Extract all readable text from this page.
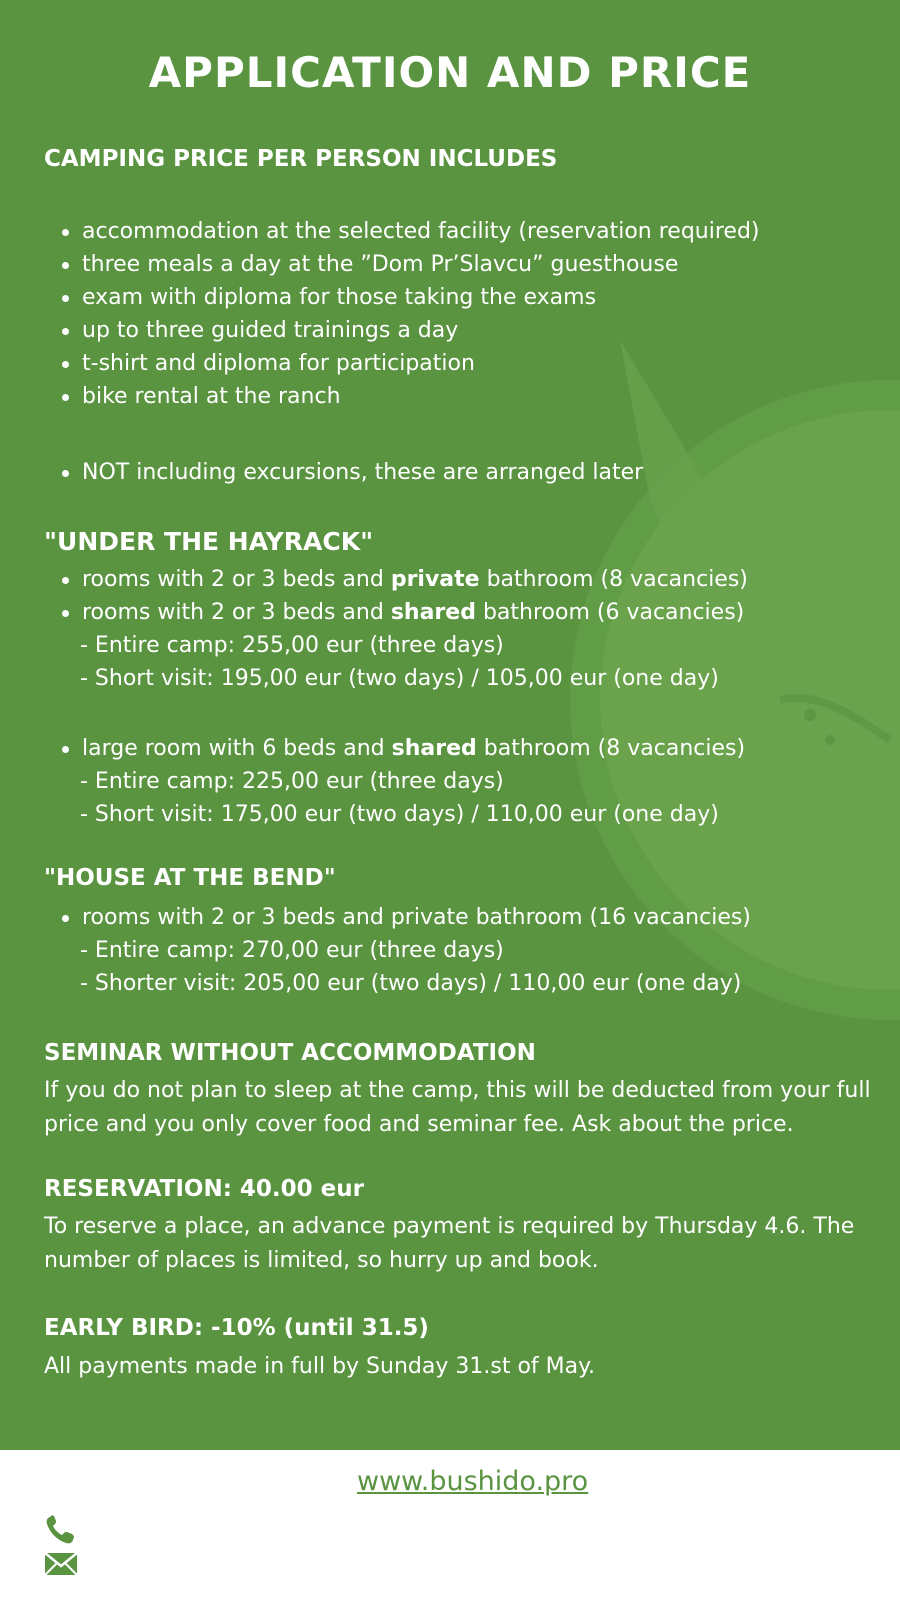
APPLICATION AND PRICE
CAMPING PRICE PER PERSON INCLUDES
accommodation at the selected facility (reservation required)
three meals a day at the ”Dom Pr’Slavcu” guesthouse
exam with diploma for those taking the exams
up to three guided trainings a day
t-shirt and diploma for participation
bike rental at the ranch
NOT including excursions, these are arranged later
"UNDER THE HAYRACK"
rooms with 2 or 3 beds and private bathroom (8 vacancies)
rooms with 2 or 3 beds and shared bathroom (6 vacancies)

- Entire camp: 255,00 eur (three days)

- Short visit: 195,00 eur (two days) / 105,00 eur (one day)

large room with 6 beds and shared bathroom (8 vacancies)

- Entire camp: 225,00 eur (three days)

- Short visit: 175,00 eur (two days) / 110,00 eur (one day)

"HOUSE AT THE BEND"
rooms with 2 or 3 beds and private bathroom (16 vacancies)

- Entire camp: 270,00 eur (three days)

- Shorter visit: 205,00 eur (two days) / 110,00 eur (one day)

SEMINAR WITHOUT ACCOMMODATION

If you do not plan to sleep at the camp, this will be deducted from your full price and you only cover food and seminar fee. Ask about the price.

RESERVATION: 40.00 eur

To reserve a place, an advance payment is required by Thursday 4.6. The number of places is limited, so hurry up and book.

EARLY BIRD: -10% (until 31.5)

All payments made in full by Sunday 31.st of May.

PRIJAVA /APPLICATION: www.bushido.pro
+386 40 561 541 / +386 70 603 439
info@bushido.pro / bushido.drustvo@gmail.com
